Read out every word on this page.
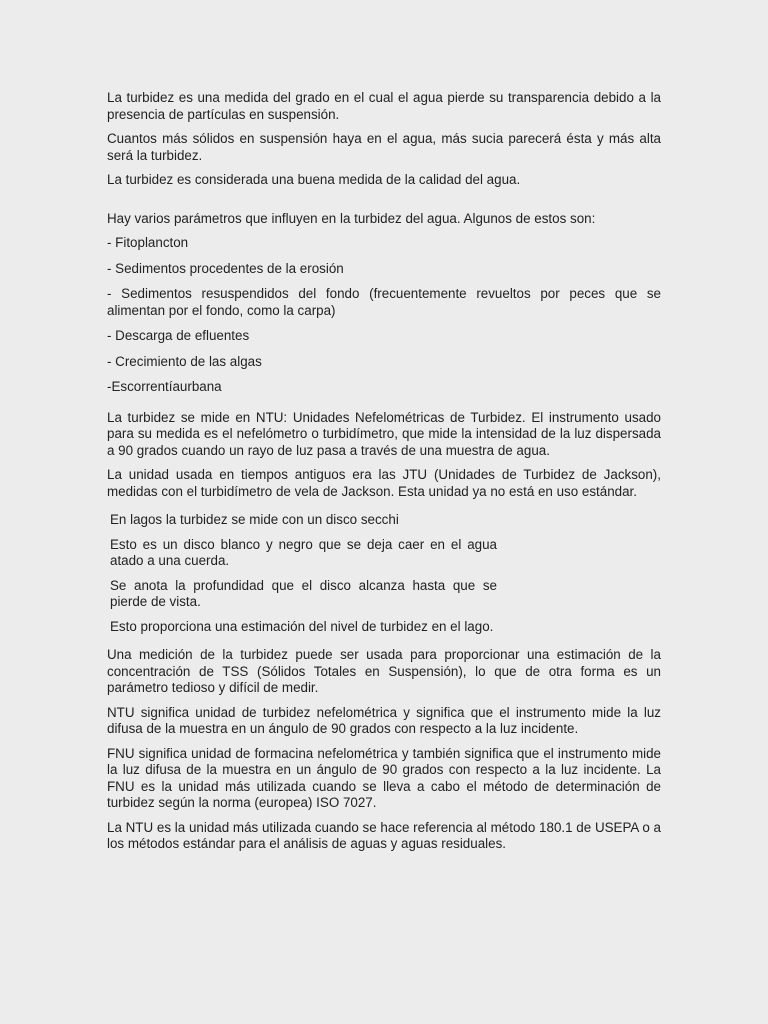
La turbidez es una medida del grado en el cual el agua pierde su transparencia debido a la presencia de partículas en suspensión.

Cuantos más sólidos en suspensión haya en el agua, más sucia parecerá ésta y más alta será la turbidez.

La turbidez es considerada una buena medida de la calidad del agua.

Hay varios parámetros que influyen en la turbidez del agua. Algunos de estos son:

- Fitoplancton

- Sedimentos procedentes de la erosión

- Sedimentos resuspendidos del fondo (frecuentemente revueltos por peces que se alimentan por el fondo, como la carpa)

- Descarga de efluentes

- Crecimiento de las algas

-Escorrentíaurbana

La turbidez se mide en NTU: Unidades Nefelométricas de Turbidez. El instrumento usado para su medida es el nefelómetro o turbidímetro, que mide la intensidad de la luz dispersada a 90 grados cuando un rayo de luz pasa a través de una muestra de agua.

La unidad usada en tiempos antiguos era las JTU (Unidades de Turbidez de Jackson), medidas con el turbidímetro de vela de Jackson. Esta unidad ya no está en uso estándar.

En lagos la turbidez se mide con un disco secchi

Esto es un disco blanco y negro que se deja caer en el agua atado a una cuerda.

Se anota la profundidad que el disco alcanza hasta que se pierde de vista.

Esto proporciona una estimación del nivel de turbidez en el lago.

Una medición de la turbidez puede ser usada para proporcionar una estimación de la concentración de TSS (Sólidos Totales en Suspensión), lo que de otra forma es un parámetro tedioso y difícil de medir.

NTU significa unidad de turbidez nefelométrica y significa que el instrumento mide la luz difusa de la muestra en un ángulo de 90 grados con respecto a la luz incidente.

FNU significa unidad de formacina nefelométrica y también significa que el instrumento mide la luz difusa de la muestra en un ángulo de 90 grados con respecto a la luz incidente. La FNU es la unidad más utilizada cuando se lleva a cabo el método de determinación de turbidez según la norma (europea) ISO 7027.

La NTU es la unidad más utilizada cuando se hace referencia al método 180.1 de USEPA o a los métodos estándar para el análisis de aguas y aguas residuales.
